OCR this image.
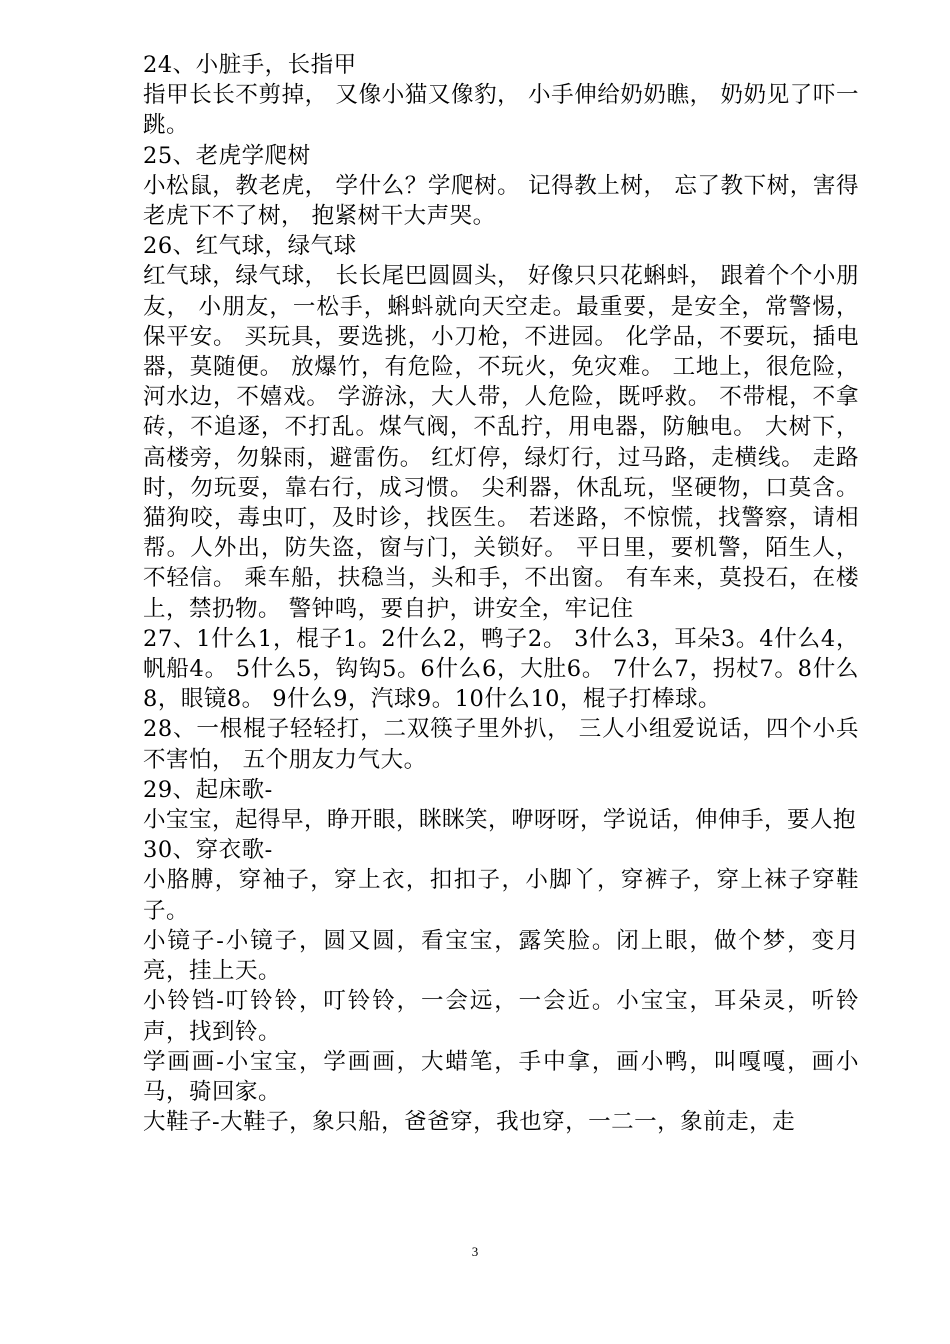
24、小脏手，长指甲

指甲长长不剪掉， 又像小猫又像豹， 小手伸给奶奶瞧， 奶奶见了吓一跳。

25、老虎学爬树

小松鼠，教老虎， 学什么？学爬树。 记得教上树， 忘了教下树，害得老虎下不了树， 抱紧树干大声哭。

26、红气球，绿气球

红气球，绿气球， 长长尾巴圆圆头， 好像只只花蝌蚪， 跟着个个小朋友， 小朋友，一松手，蝌蚪就向天空走。最重要，是安全，常警惕，保平安。 买玩具，要选挑，小刀枪，不进园。 化学品，不要玩，插电器，莫随便。 放爆竹，有危险，不玩火，免灾难。 工地上，很危险，河水边，不嬉戏。 学游泳，大人带，人危险，既呼救。 不带棍，不拿砖，不追逐，不打乱。煤气阀，不乱拧，用电器，防触电。 大树下，高楼旁，勿躲雨，避雷伤。 红灯停，绿灯行，过马路，走横线。 走路时，勿玩耍，靠右行，成习惯。 尖利器，休乱玩，坚硬物，口莫含。 猫狗咬，毒虫叮，及时诊，找医生。 若迷路，不惊慌，找警察，请相帮。人外出，防失盗，窗与门，关锁好。 平日里，要机警，陌生人，不轻信。 乘车船，扶稳当，头和手，不出窗。 有车来，莫投石，在楼上，禁扔物。 警钟鸣，要自护，讲安全，牢记住

27、1什么1，棍子1。2什么2，鸭子2。 3什么3，耳朵3。4什么4，帆船4。 5什么5，钩钩5。6什么6，大肚6。 7什么7，拐杖7。8什么8，眼镜8。 9什么9，汽球9。10什么10，棍子打棒球。

28、一根棍子轻轻打，二双筷子里外扒， 三人小组爱说话，四个小兵不害怕， 五个朋友力气大。

29、起床歌-

小宝宝，起得早，睁开眼，眯眯笑，咿呀呀，学说话，伸伸手，要人抱

30、穿衣歌-

小胳膊，穿袖子，穿上衣，扣扣子，小脚丫，穿裤子，穿上袜子穿鞋子。

小镜子-小镜子，圆又圆，看宝宝，露笑脸。闭上眼，做个梦，变月亮，挂上天。

小铃铛-叮铃铃，叮铃铃，一会远，一会近。小宝宝，耳朵灵，听铃声，找到铃。

学画画-小宝宝，学画画，大蜡笔，手中拿，画小鸭，叫嘎嘎，画小马，骑回家。

大鞋子-大鞋子，象只船，爸爸穿，我也穿，一二一，象前走，走

3
